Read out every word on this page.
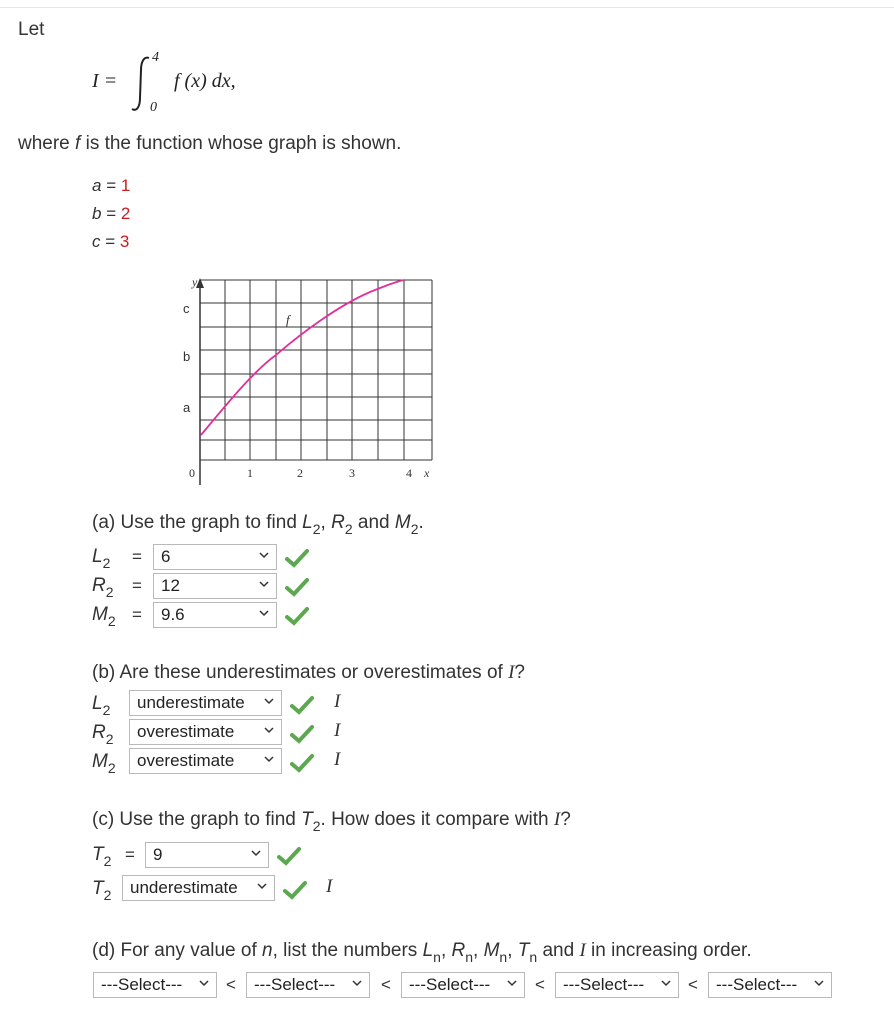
Let
I =
4
0
f (x) dx,
where f is the function whose graph is shown.
a = 1
b = 2
c = 3
y
x
f
c
b
a
0	1	2	3	4
(a) Use the graph to find $L_2$, $R_2$ and $M_2$.
$L_2$ =	6
$R_2$ =	12
$M_2$ =	9.6
(b) Are these underestimates or overestimates of I?
$L_2$	underestimate	I
$R_2$	overestimate	I
$M_2$	overestimate	I
(c) Use the graph to find $T_2$. How does it compare with I?
$T_2$ =	9
$T_2$	underestimate	I
(d) For any value of n, list the numbers $L_n$, $R_n$, $M_n$, $T_n$ and I in increasing order.
---Select---	<	---Select---	<	---Select---	<	---Select---	<	---Select---
